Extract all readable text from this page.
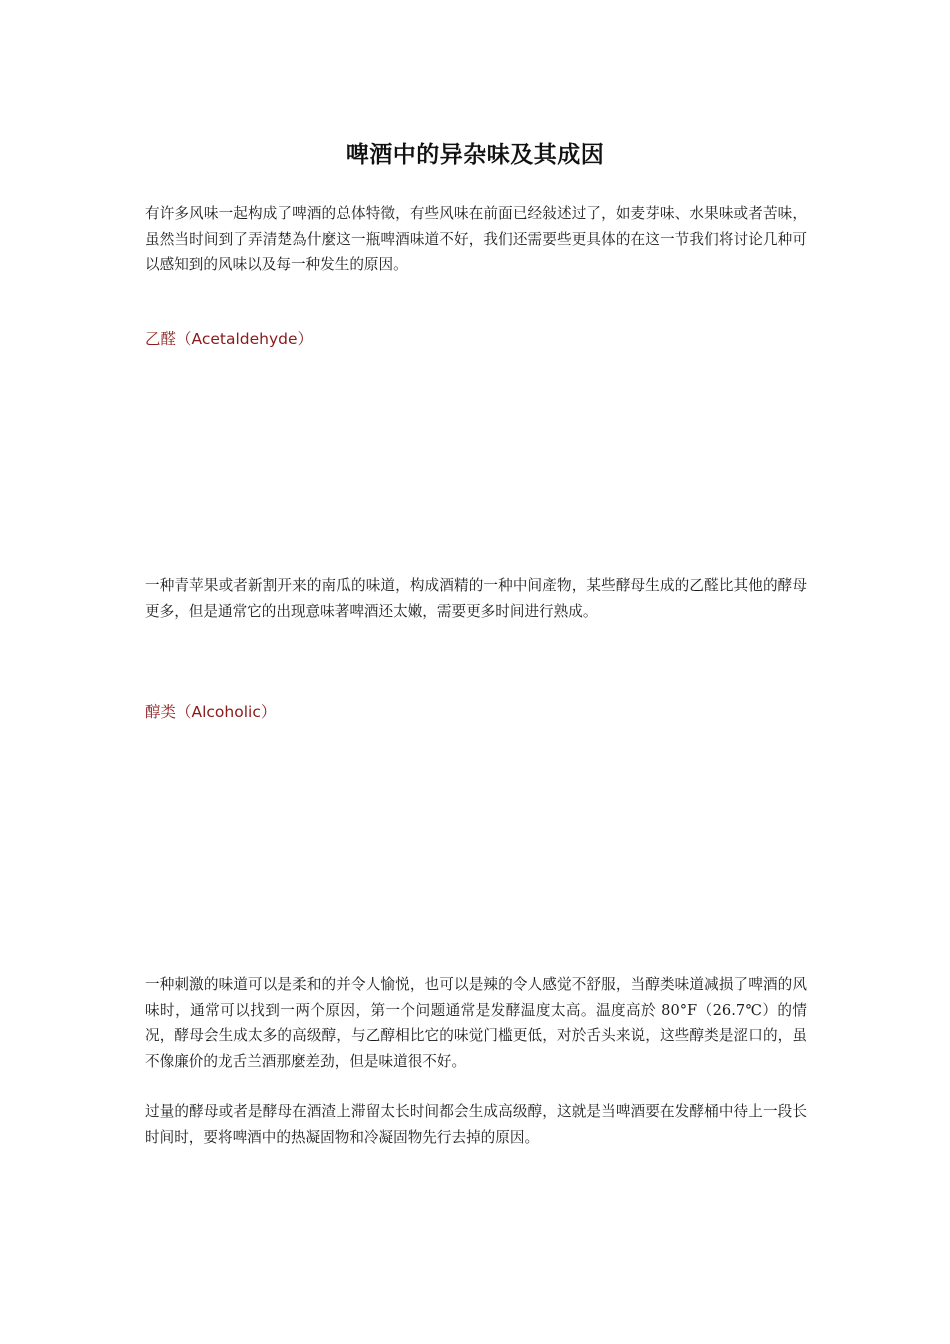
啤酒中的异杂味及其成因
有许多风味一起构成了啤酒的总体特徵，有些风味在前面已经敍述过了，如麦芽味、水果味或者苦味，虽然当时间到了弄清楚為什麼这一瓶啤酒味道不好，我们还需要些更具体的在这一节我们将讨论几种可以感知到的风味以及每一种发生的原因。
乙醛（Acetaldehyde）
一种青苹果或者新割开来的南瓜的味道，构成酒精的一种中间產物，某些酵母生成的乙醛比其他的酵母更多，但是通常它的出现意味著啤酒还太嫩，需要更多时间进行熟成。
醇类（Alcoholic）
一种刺激的味道可以是柔和的并令人愉悦，也可以是辣的令人感觉不舒服，当醇类味道减损了啤酒的风味时，通常可以找到一两个原因，第一个问题通常是发酵温度太高。温度高於 80°F（26.7℃）的情况，酵母会生成太多的高级醇，与乙醇相比它的味觉门槛更低，对於舌头来说，这些醇类是涩口的，虽不像廉价的龙舌兰酒那麼差劲，但是味道很不好。
过量的酵母或者是酵母在酒渣上滞留太长时间都会生成高级醇，这就是当啤酒要在发酵桶中待上一段长时间时，要将啤酒中的热凝固物和冷凝固物先行去掉的原因。
